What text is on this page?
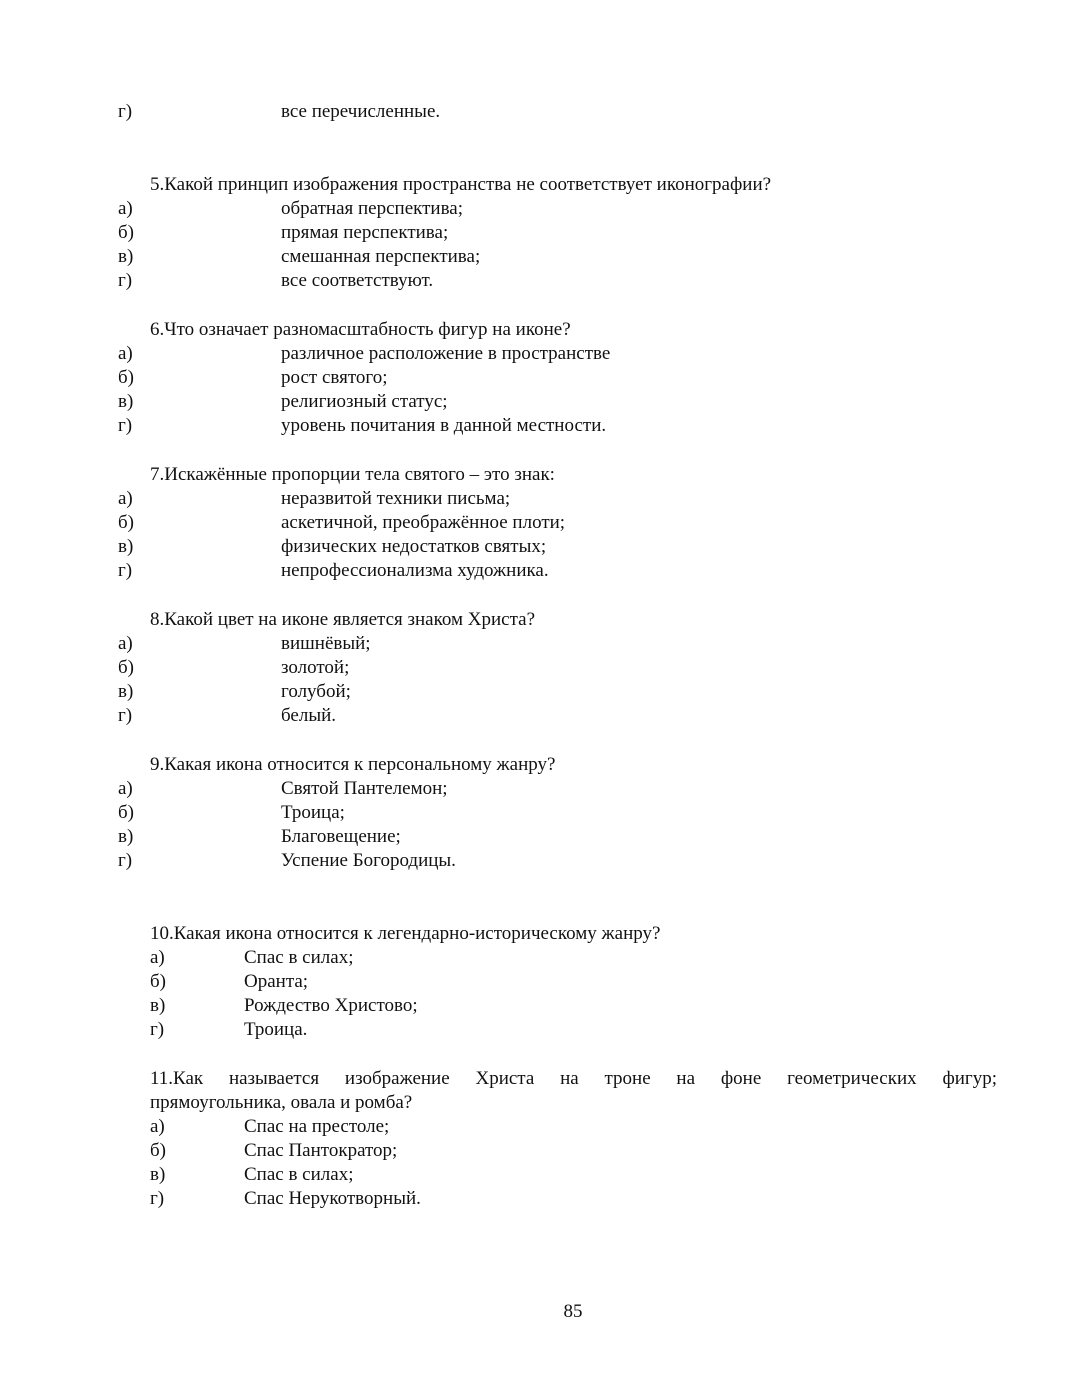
г)	все перечисленные.
5.Какой принцип изображения пространства не соответствует иконографии?
а)	обратная перспектива;
б)	прямая перспектива;
в)	смешанная перспектива;
г)	все соответствуют.
6.Что означает разномасштабность фигур на иконе?
а)	различное расположение в пространстве
б)	рост святого;
в)	религиозный статус;
г)	уровень почитания в данной местности.
7.Искажённые пропорции тела святого – это знак:
а)	неразвитой техники письма;
б)	аскетичной, преображённое плоти;
в)	физических недостатков святых;
г)	непрофессионализма художника.
8.Какой цвет на иконе является знаком Христа?
а)	вишнёвый;
б)	золотой;
в)	голубой;
г)	белый.
9.Какая икона относится к персональному жанру?
а)	Святой Пантелемон;
б)	Троица;
в)	Благовещение;
г)	Успение Богородицы.
10.Какая икона относится к легендарно-историческому жанру?
а)	Спас в силах;
б)	Оранта;
в)	Рождество Христово;
г)	Троица.
11.Как называется изображение Христа на троне на фоне геометрических фигур;
прямоугольника, овала и ромба?
а)	Спас на престоле;
б)	Спас Пантократор;
в)	Спас в силах;
г)	Спас Нерукотворный.
85
